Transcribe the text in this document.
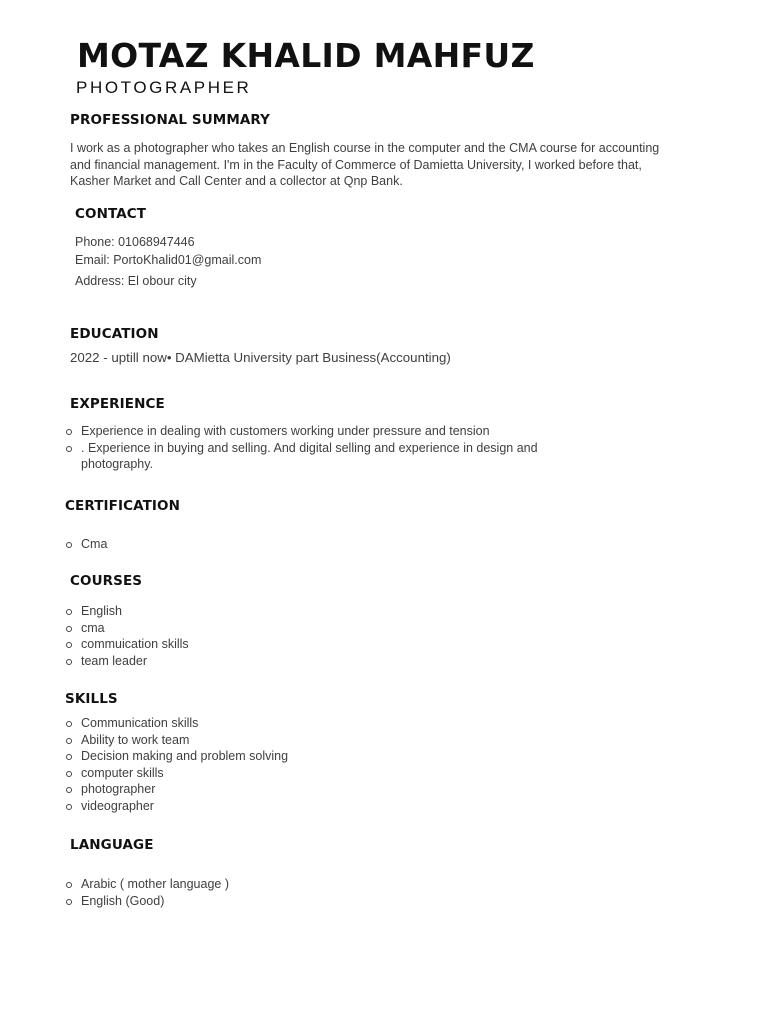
MOTAZ KHALID MAHFUZ
PHOTOGRAPHER
PROFESSIONAL SUMMARY

I work as a photographer who takes an English course in the computer and the CMA course for accounting and financial management. I'm in the Faculty of Commerce of Damietta University, I worked before that, Kasher Market and Call Center and a collector at Qnp Bank.

CONTACT
Phone: 01068947446
Email: PortoKhalid01@gmail.com
Address: El obour city
EDUCATION

2022 - uptill now• DAMietta University part Business(Accounting)

EXPERIENCE
Experience in dealing with customers working under pressure and tension
. Experience in buying and selling. And digital selling and experience in design and photography.
CERTIFICATION
Cma
COURSES
English
cma
commuication skills
team leader
SKILLS
Communication skills
Ability to work team
Decision making and problem solving
computer skills
photographer
videographer
LANGUAGE
Arabic ( mother language )
English (Good)
